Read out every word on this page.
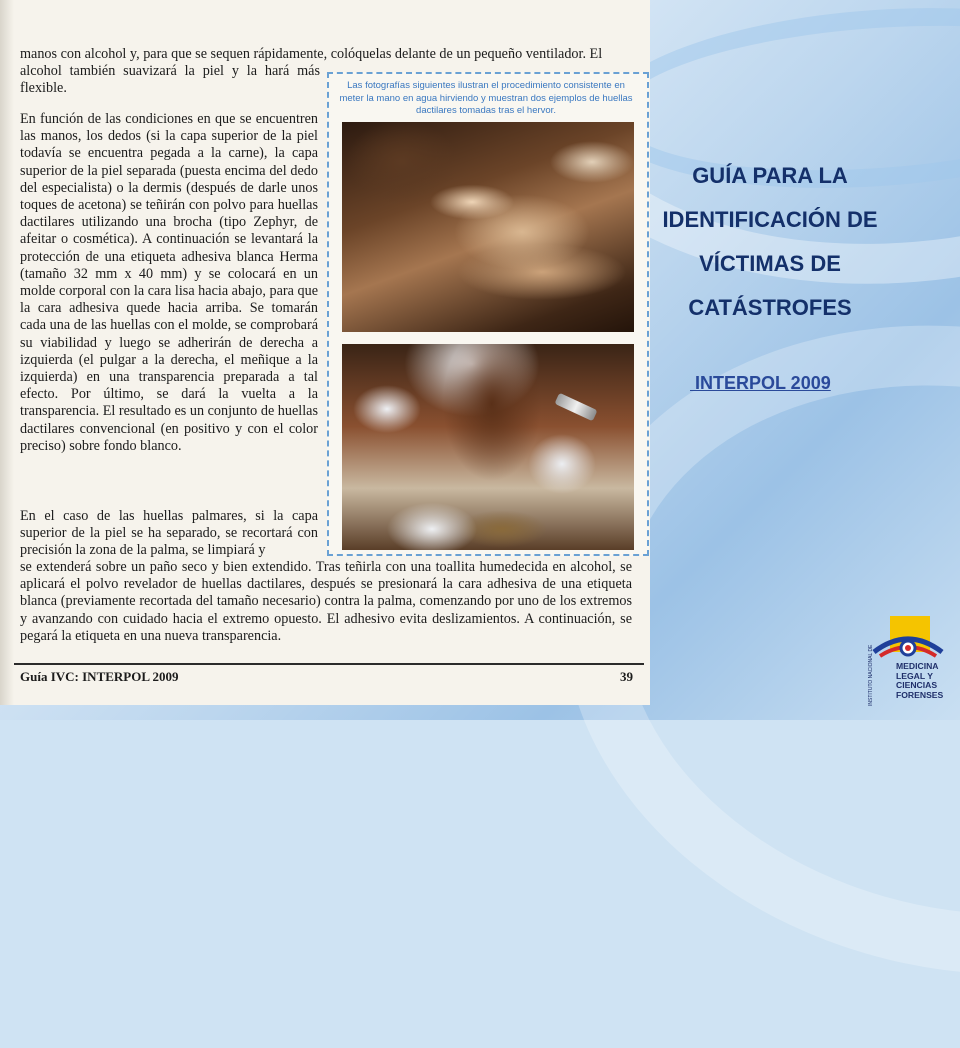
manos con alcohol y, para que se sequen rápidamente, colóquelas delante de un pequeño ventilador. El
alcohol también suavizará la piel y la hará más flexible.
En función de las condiciones en que se encuentren las manos, los dedos (si la capa superior de la piel todavía se encuentra pegada a la carne), la capa superior de la piel separada (puesta encima del dedo del especialista) o la dermis (después de darle unos toques de acetona) se teñirán con polvo para huellas dactilares utilizando una brocha (tipo Zephyr, de afeitar o cosmética). A continuación se levantará la protección de una etiqueta adhesiva blanca Herma (tamaño 32 mm x 40 mm) y se colocará en un molde corporal con la cara lisa hacia abajo, para que la cara adhesiva quede hacia arriba. Se tomarán cada una de las huellas con el molde, se comprobará su viabilidad y luego se adherirán de derecha a izquierda (el pulgar a la derecha, el meñique a la izquierda) en una transparencia preparada a tal efecto. Por último, se dará la vuelta a la transparencia. El resultado es un conjunto de huellas dactilares convencional (en positivo y con el color preciso) sobre fondo blanco.
En el caso de las huellas palmares, si la capa superior de la piel se ha separado, se recortará con precisión la zona de la palma, se limpiará y
se extenderá sobre un paño seco y bien extendido. Tras teñirla con una toallita humedecida en alcohol, se aplicará el polvo revelador de huellas dactilares, después se presionará la cara adhesiva de una etiqueta blanca (previamente recortada del tamaño necesario) contra la palma, comenzando por uno de los extremos y avanzando con cuidado hacia el extremo opuesto. El adhesivo evita deslizamientos. A continuación, se pegará la etiqueta en una nueva transparencia.
Las fotografías siguientes ilustran el procedimiento consistente en meter la mano en agua hirviendo y muestran dos ejemplos de huellas dactilares tomadas tras el hervor.
Guía IVC: INTERPOL 2009	39
GUÍA PARA LA
IDENTIFICACIÓN DE
VÍCTIMAS DE
CATÁSTROFES
INTERPOL 2009
MEDICINA
LEGAL Y
CIENCIAS
FORENSES
INSTITUTO NACIONAL DE
